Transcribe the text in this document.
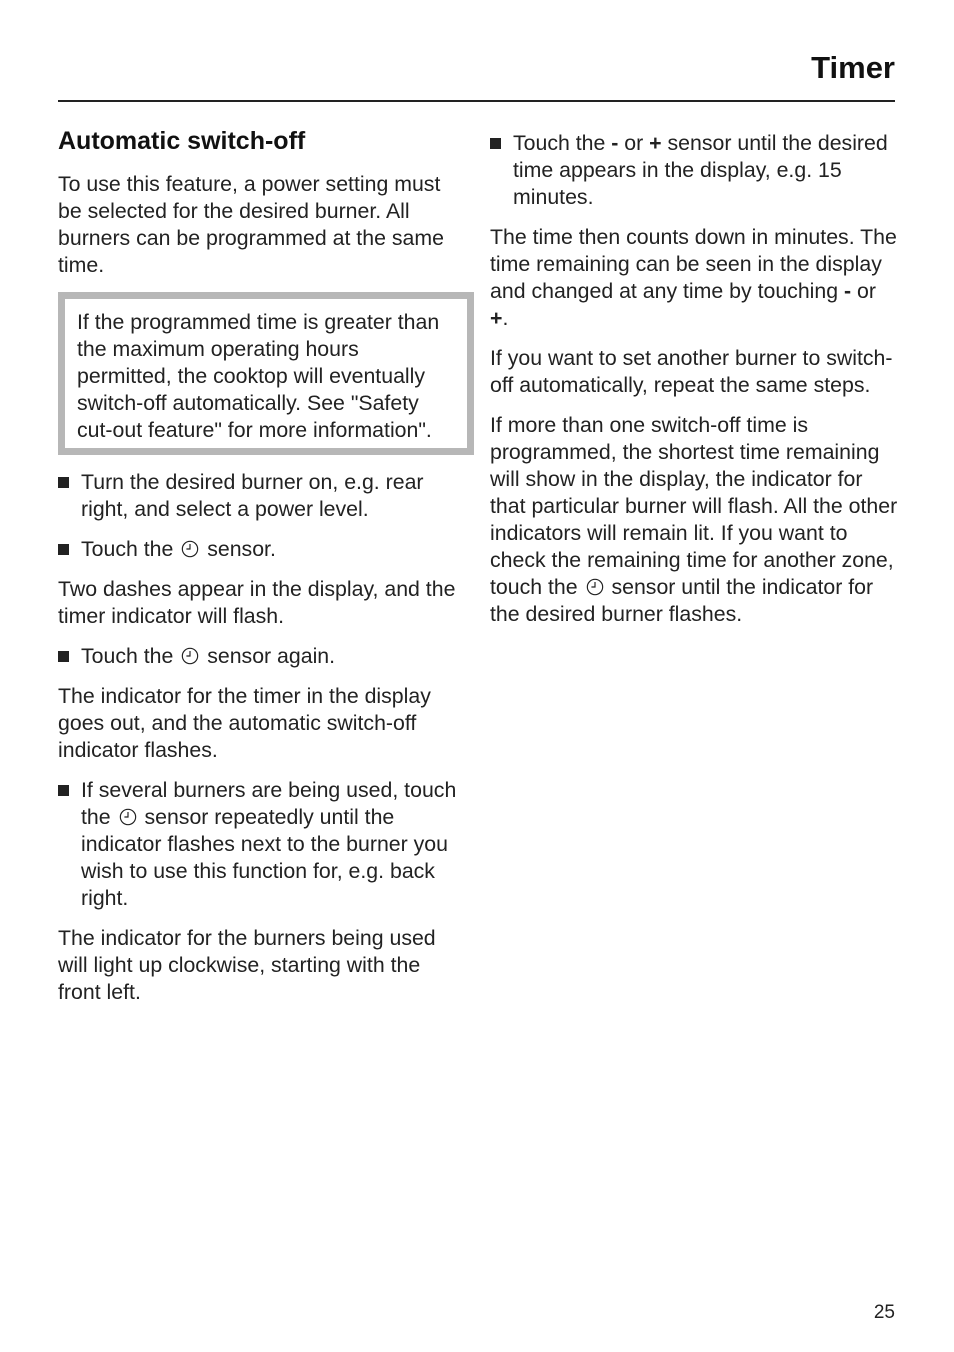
Timer
Automatic switch-off

To use this feature, a power setting must be selected for the desired burner. All burners can be programmed at the same time.

If the programmed time is greater than the maximum operating hours permitted, the cooktop will eventually switch-off automatically. See "Safety cut-out feature" for more information".

Turn the desired burner on, e.g. rear right, and select a power level.
Touch the sensor.

Two dashes appear in the display, and the timer indicator will flash.

Touch the sensor again.

The indicator for the timer in the display goes out, and the automatic switch-off indicator flashes.

If several burners are being used, touch the sensor repeatedly until the indicator flashes next to the burner you wish to use this function for, e.g. back right.

The indicator for the burners being used will light up clockwise, starting with the front left.

Touch the - or + sensor until the desired time appears in the display, e.g. 15 minutes.

The time then counts down in minutes. The time remaining can be seen in the display and changed at any time by touching - or +.

If you want to set another burner to switch-off automatically, repeat the same steps.

If more than one switch-off time is programmed, the shortest time remaining will show in the display, the indicator for that particular burner will flash. All the other indicators will remain lit. If you want to check the remaining time for another zone, touch the sensor until the indicator for the desired burner flashes.

25
